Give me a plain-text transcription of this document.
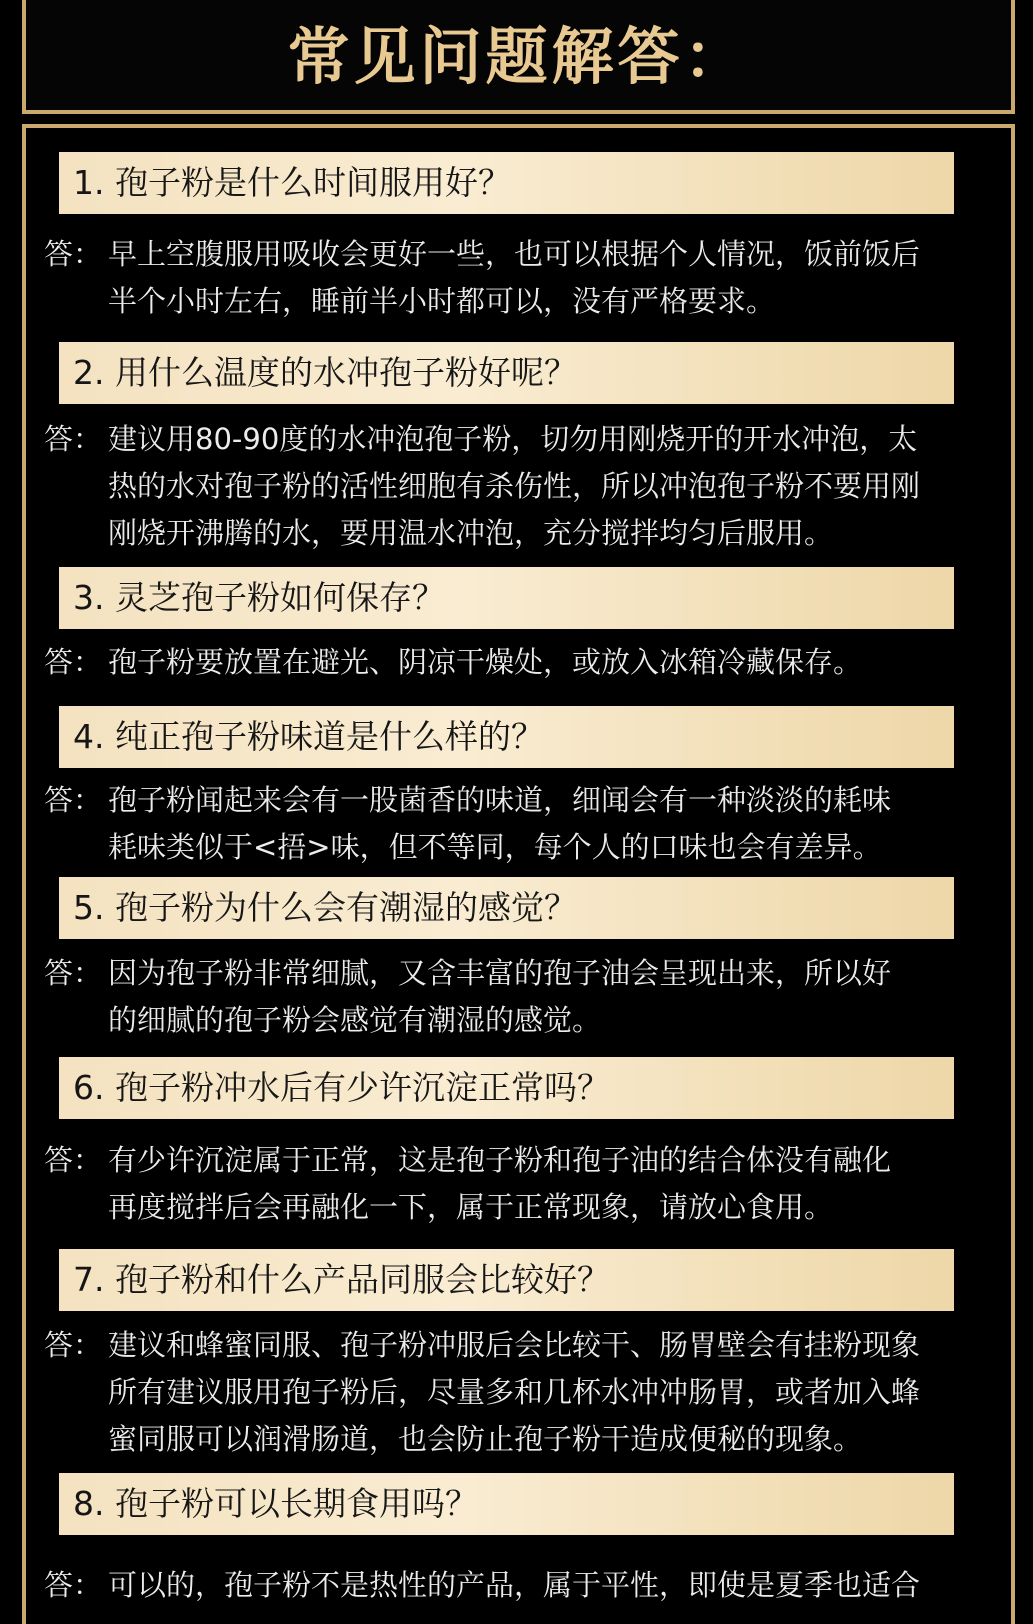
常见问题解答：
1. 孢子粉是什么时间服用好？
答： 早上空腹服用吸收会更好一些，也可以根据个人情况，饭前饭后
半个小时左右，睡前半小时都可以，没有严格要求。
2. 用什么温度的水冲孢子粉好呢？
答： 建议用80-90度的水冲泡孢子粉，切勿用刚烧开的开水冲泡，太
热的水对孢子粉的活性细胞有杀伤性，所以冲泡孢子粉不要用刚
刚烧开沸腾的水，要用温水冲泡，充分搅拌均匀后服用。
3. 灵芝孢子粉如何保存？
答： 孢子粉要放置在避光、阴凉干燥处，或放入冰箱冷藏保存。
4. 纯正孢子粉味道是什么样的？
答： 孢子粉闻起来会有一股菌香的味道，细闻会有一种淡淡的耗味
耗味类似于<捂>味，但不等同，每个人的口味也会有差异。
5. 孢子粉为什么会有潮湿的感觉？
答： 因为孢子粉非常细腻，又含丰富的孢子油会呈现出来，所以好
的细腻的孢子粉会感觉有潮湿的感觉。
6. 孢子粉冲水后有少许沉淀正常吗？
答： 有少许沉淀属于正常，这是孢子粉和孢子油的结合体没有融化
再度搅拌后会再融化一下，属于正常现象，请放心食用。
7. 孢子粉和什么产品同服会比较好？
答： 建议和蜂蜜同服、孢子粉冲服后会比较干、肠胃壁会有挂粉现象
所有建议服用孢子粉后，尽量多和几杯水冲冲肠胃，或者加入蜂
蜜同服可以润滑肠道，也会防止孢子粉干造成便秘的现象。
8. 孢子粉可以长期食用吗？
答： 可以的，孢子粉不是热性的产品，属于平性，即使是夏季也适合
